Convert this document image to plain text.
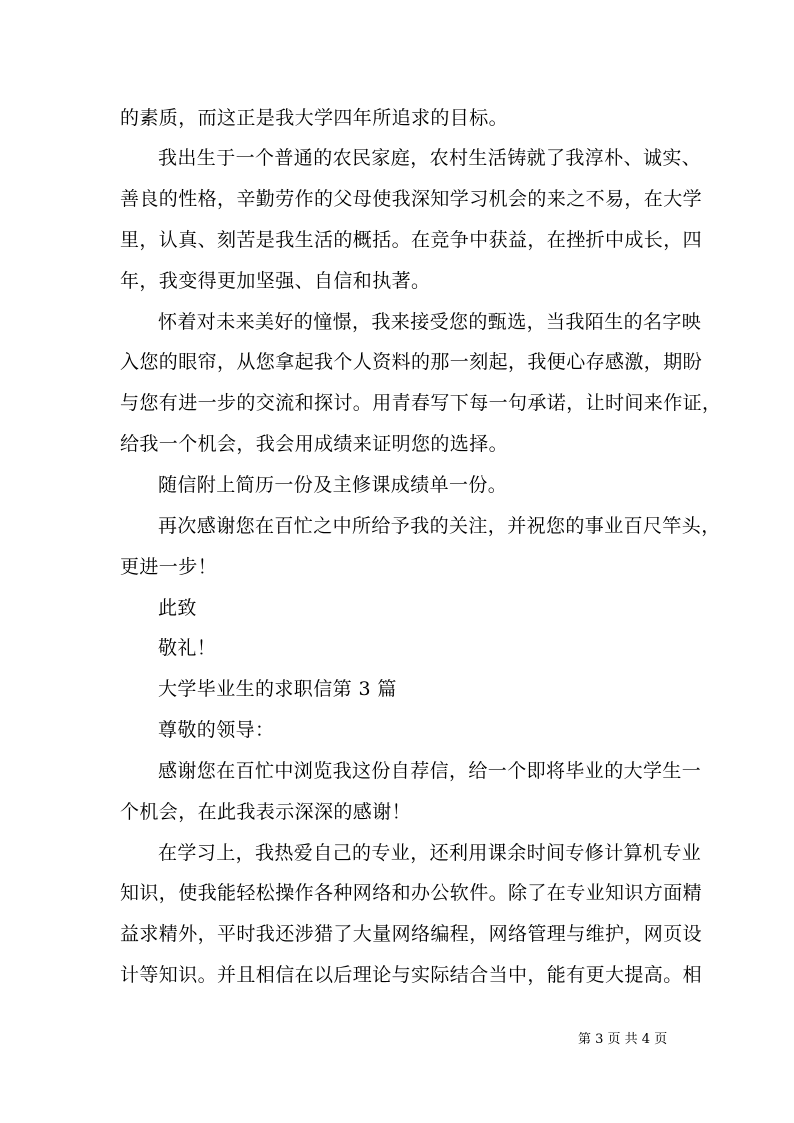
的素质，而这正是我大学四年所追求的目标。
我出生于一个普通的农民家庭，农村生活铸就了我淳朴、诚实、
善良的性格，辛勤劳作的父母使我深知学习机会的来之不易，在大学
里，认真、刻苦是我生活的概括。在竞争中获益，在挫折中成长，四
年，我变得更加坚强、自信和执著。
怀着对未来美好的憧憬，我来接受您的甄选，当我陌生的名字映
入您的眼帘，从您拿起我个人资料的那一刻起，我便心存感激，期盼
与您有进一步的交流和探讨。用青春写下每一句承诺，让时间来作证，
给我一个机会，我会用成绩来证明您的选择。
随信附上简历一份及主修课成绩单一份。
再次感谢您在百忙之中所给予我的关注，并祝您的事业百尺竿头，
更进一步！
此致
敬礼！
大学毕业生的求职信第 3 篇
尊敬的领导：
感谢您在百忙中浏览我这份自荐信，给一个即将毕业的大学生一
个机会，在此我表示深深的感谢！
在学习上，我热爱自己的专业，还利用课余时间专修计算机专业
知识，使我能轻松操作各种网络和办公软件。除了在专业知识方面精
益求精外，平时我还涉猎了大量网络编程，网络管理与维护，网页设
计等知识。并且相信在以后理论与实际结合当中，能有更大提高。相
第 3 页 共 4 页
